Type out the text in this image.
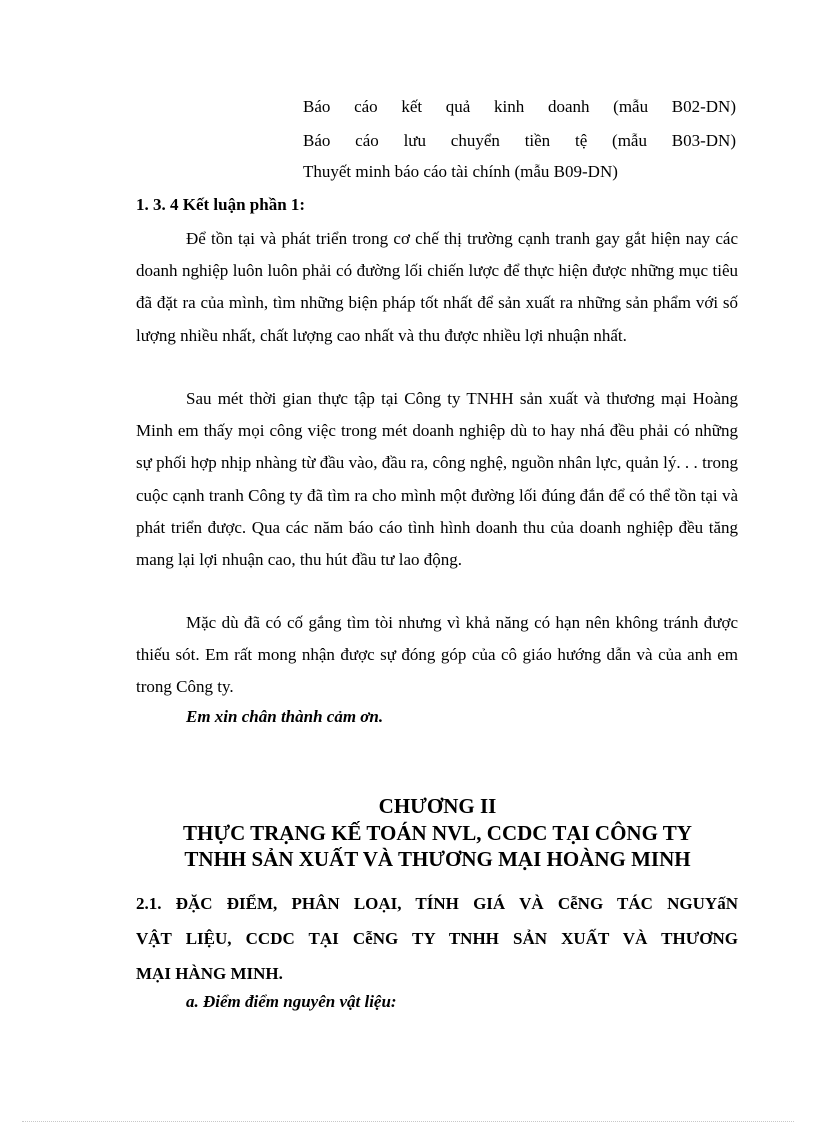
Báo cáo kết quả kinh doanh (mẫu B02-DN)
Báo cáo lưu chuyển tiền tệ (mẫu B03-DN)
Thuyết minh báo cáo tài chính (mẫu B09-DN)
1. 3. 4 Kết luận phần 1:

Để tồn tại và phát triển trong cơ chế thị trường cạnh tranh gay gắt hiện nay các doanh nghiệp luôn luôn phải có đường lối chiến lược để thực hiện được những mục tiêu đã đặt ra của mình, tìm những biện pháp tốt nhất để sản xuất ra những sản phẩm với số lượng nhiều nhất, chất lượng cao nhất và thu được nhiều lợi nhuận nhất.

Sau mét thời gian thực tập tại Công ty TNHH sản xuất và thương mại Hoàng Minh em thấy mọi công việc trong mét doanh nghiệp dù to hay nhá đều phải có những sự phối hợp nhịp nhàng từ đầu vào, đầu ra, công nghệ, nguồn nhân lực, quản lý. . . trong cuộc cạnh tranh Công ty đã tìm ra cho mình một đường lối đúng đắn để có thể tồn tại và phát triển được. Qua các năm báo cáo tình hình doanh thu của doanh nghiệp đều tăng mang lại lợi nhuận cao, thu hút đầu tư lao động.

Mặc dù đã có cố gắng tìm tòi nhưng vì khả năng có hạn nên không tránh được thiếu sót. Em rất mong nhận được sự đóng góp của cô giáo hướng dẫn và của anh em trong Công ty.

Em xin chân thành cảm ơn.
CHƯƠNG II
THỰC TRẠNG KẾ TOÁN NVL, CCDC TẠI CÔNG TY
TNHH SẢN XUẤT VÀ THƯƠNG MẠI HOÀNG MINH
2.1. ĐẶC ĐIỂM, PHÂN LOẠI, TÍNH GIÁ VÀ CễNG TÁC NGUYấN
VẬT LIỆU, CCDC TẠI CễNG TY TNHH SẢN XUẤT VÀ THƯƠNG
MẠI HÀNG MINH.
a. Điểm điểm nguyên vật liệu:
